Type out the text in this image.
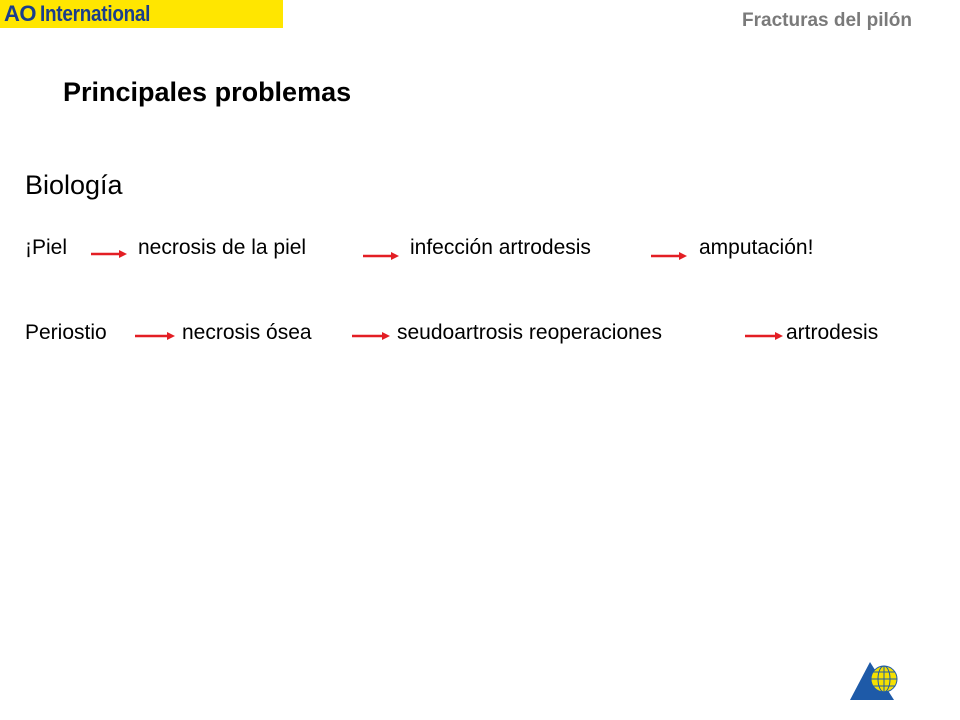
AO International	Fracturas del pilón
Principales problemas
Biología
¡Piel	necrosis de la piel	infección artrodesis	amputación!
Periostio	necrosis ósea	seudoartrosis reoperaciones	artrodesis
